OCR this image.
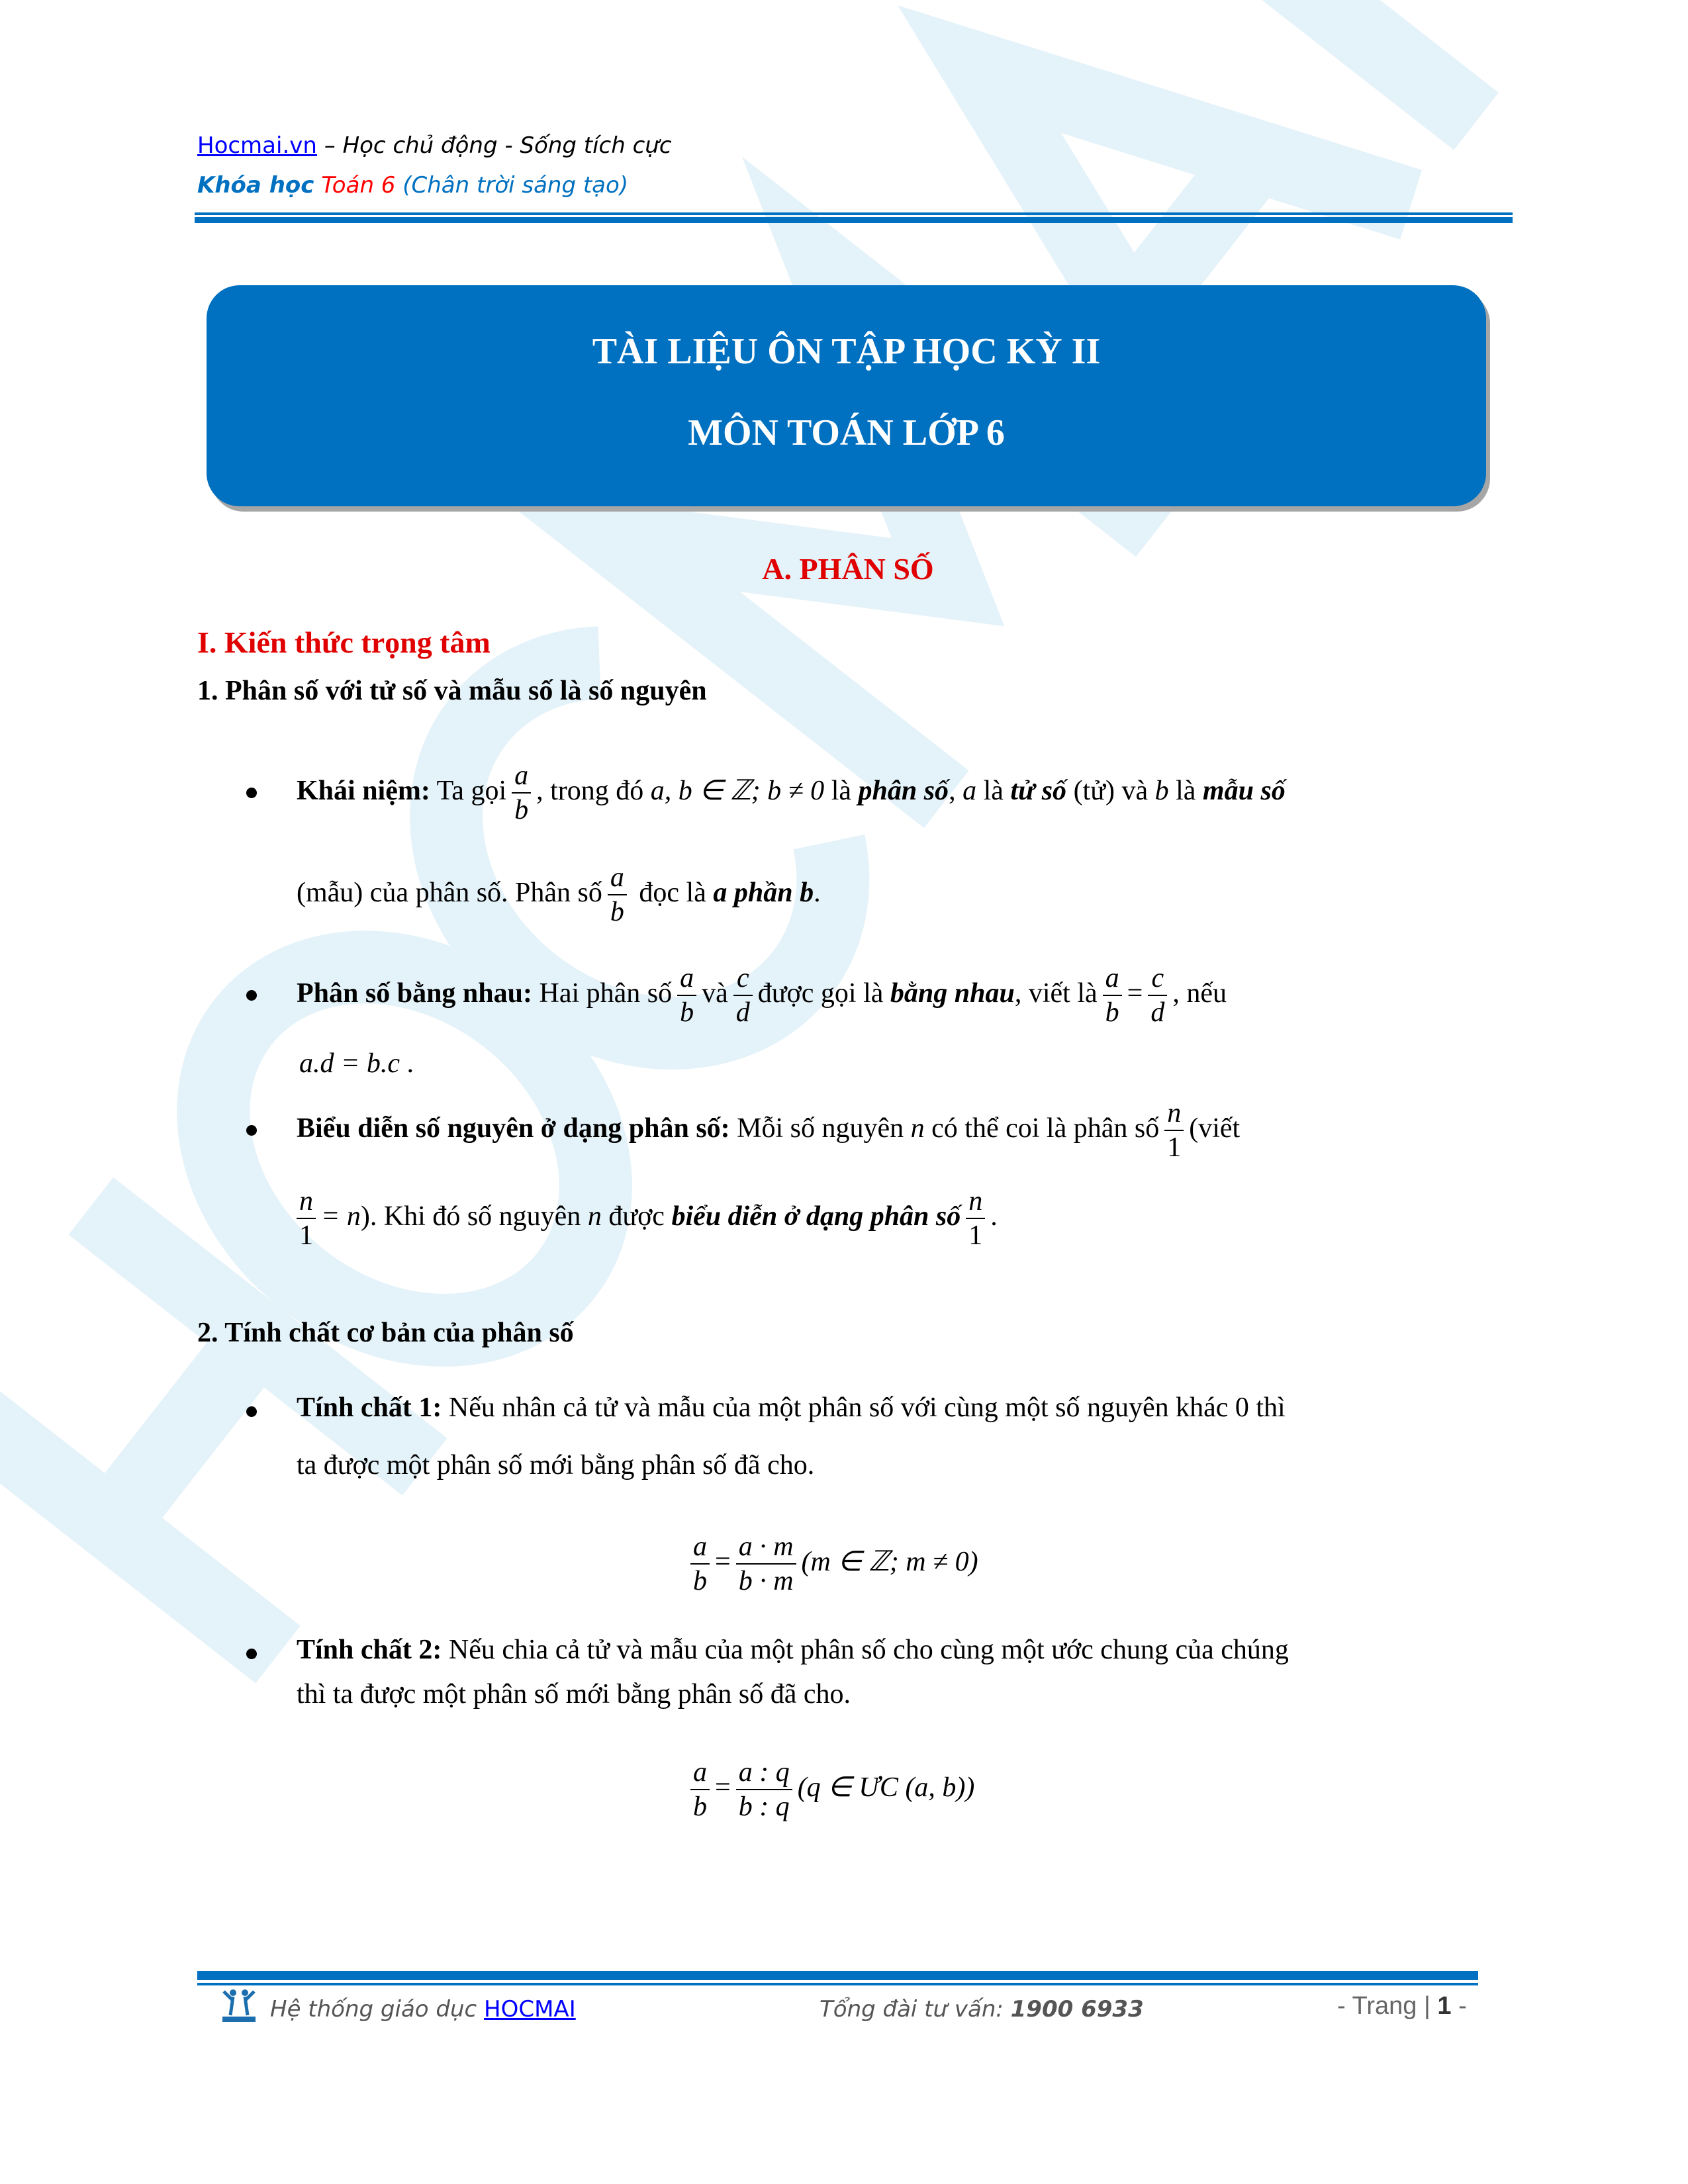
Hocmai.vn – Học chủ động - Sống tích cực
Khóa học Toán 6 (Chân trời sáng tạo)
TÀI LIỆU ÔN TẬP HỌC KỲ II
MÔN TOÁN LỚP 6
A. PHÂN SỐ
I. Kiến thức trọng tâm
1. Phân số với tử số và mẫu số là số nguyên
Khái niệm: Ta gọi $\frac{a}{b}$ , trong đó a, b ∈ ℤ; b ≠ 0 là phân số, a là tử số (tử) và b là mẫu số
(mẫu) của phân số. Phân số $\frac{a}{b}$ đọc là a phần b.
Phân số bằng nhau: Hai phân số $\frac{a}{b}$ và $\frac{c}{d}$ được gọi là bằng nhau, viết là $\frac{a}{b} = \frac{c}{d}$ , nếu
a.d = b.c .
Biểu diễn số nguyên ở dạng phân số: Mỗi số nguyên n có thể coi là phân số $\frac{n}{1}$ (viết
$\frac{n}{1} = n$). Khi đó số nguyên n được biểu diễn ở dạng phân số $\frac{n}{1}$ .
2. Tính chất cơ bản của phân số
Tính chất 1: Nếu nhân cả tử và mẫu của một phân số với cùng một số nguyên khác 0 thì
ta được một phân số mới bằng phân số đã cho.
$\frac{a}{b} = \frac{a \cdot m}{b \cdot m} (m$ ∈ ℤ; m ≠ 0)
Tính chất 2: Nếu chia cả tử và mẫu của một phân số cho cùng một ước chung của chúng
thì ta được một phân số mới bằng phân số đã cho.
$\frac{a}{b} = \frac{a : q}{b : q} (q$ ∈ ƯC (a, b))
Hệ thống giáo dục HOCMAI	Tổng đài tư vấn: 1900 6933	- Trang | 1 -
